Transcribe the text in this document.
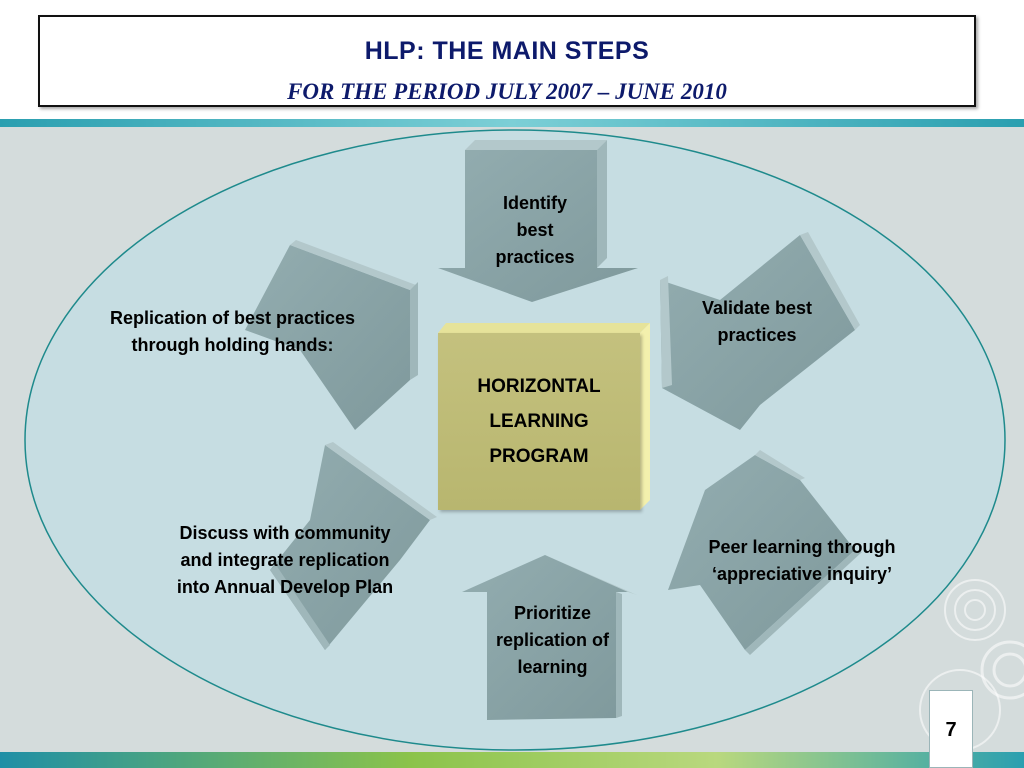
HLP: THE MAIN STEPS
FOR THE PERIOD JULY 2007 – JUNE 2010
HORIZONTAL
LEARNING
PROGRAM
Identify
best
practices
Validate best
practices
Peer learning through
‘appreciative inquiry’
Prioritize
replication of
learning
Discuss with community
and integrate replication
into Annual Develop Plan
Replication of best practices
through holding hands:
7
